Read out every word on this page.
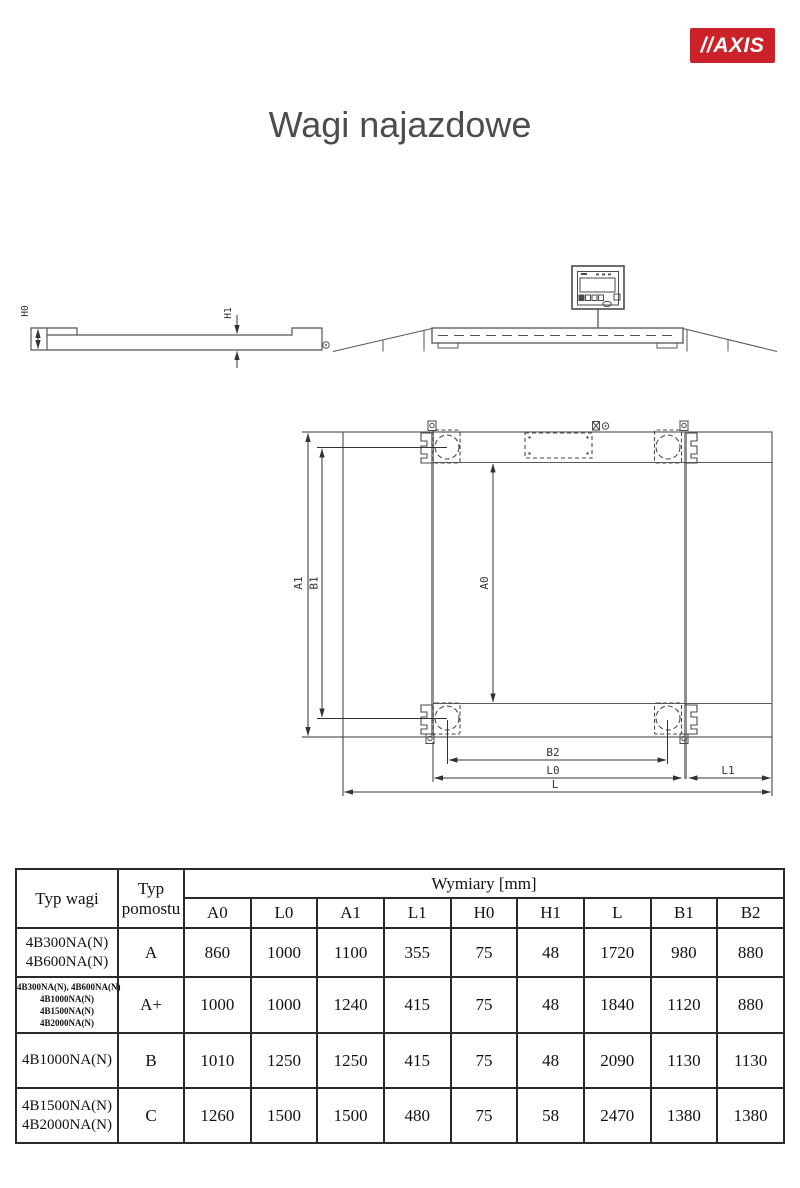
//AXIS
Wagi najazdowe
H0	H1
A1 B1	A0
B2
L0	L1
L
Typ wagi	Typ pomostu	Wymiary [mm]								
		A0	L0	A1	L1	H0	H1	L	B1	B2

4B300NA(N)
4B600NA(N)	A	860	1000	1100	355	75	48	1720	980	880

4B300NA(N), 4B600NA(N)
4B1000NA(N)
4B1500NA(N)
4B2000NA(N)	A+	1000	1000	1240	415	75	48	1840	1120	880

4B1000NA(N)	B	1010	1250	1250	415	75	48	2090	1130	1130

4B1500NA(N)
4B2000NA(N)	C	1260	1500	1500	480	75	58	2470	1380	1380
